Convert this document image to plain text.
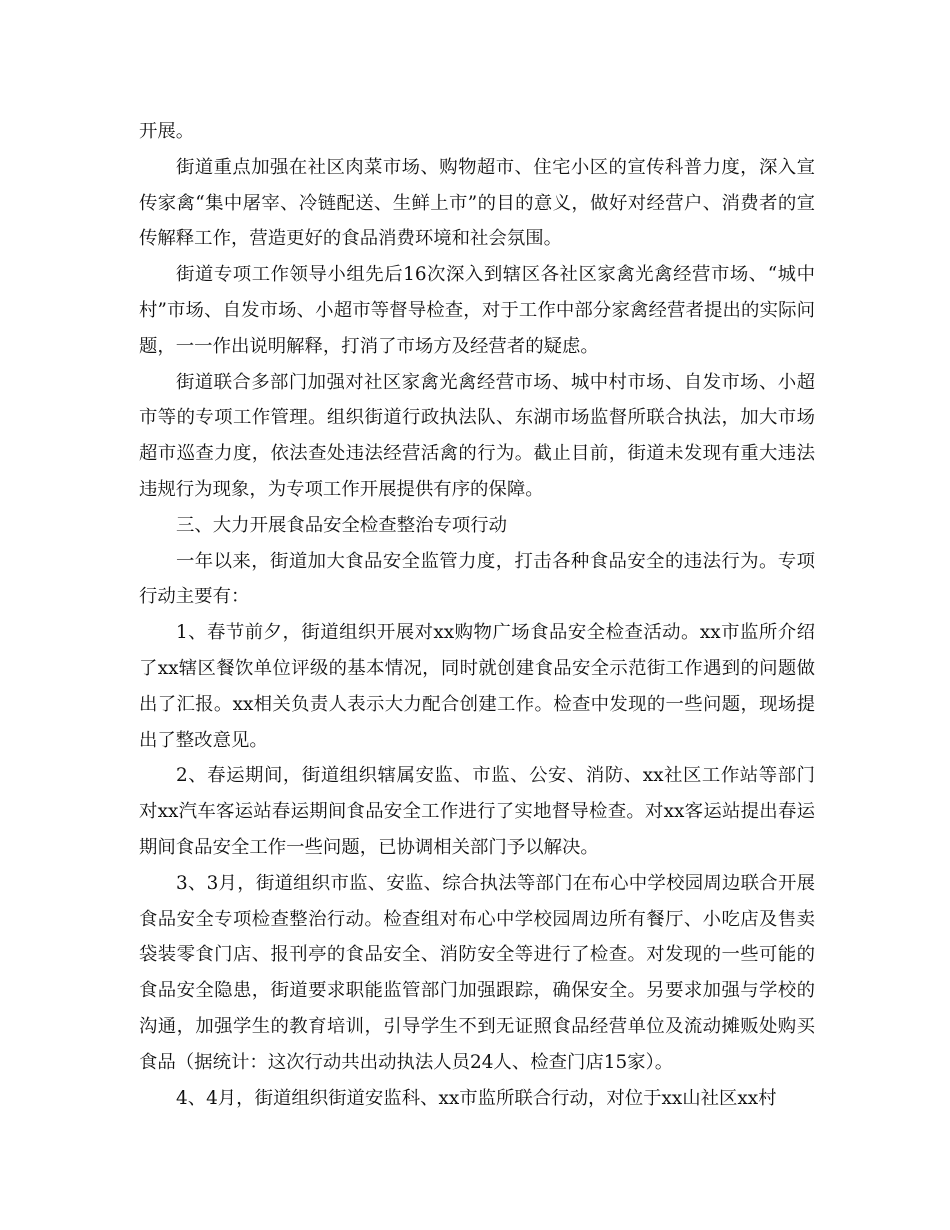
开展。

街道重点加强在社区肉菜市场、购物超市、住宅小区的宣传科普力度，深入宣传家禽“集中屠宰、冷链配送、生鲜上市”的目的意义，做好对经营户、消费者的宣传解释工作，营造更好的食品消费环境和社会氛围。

街道专项工作领导小组先后16次深入到辖区各社区家禽光禽经营市场、“城中村”市场、自发市场、小超市等督导检查，对于工作中部分家禽经营者提出的实际问题，一一作出说明解释，打消了市场方及经营者的疑虑。

街道联合多部门加强对社区家禽光禽经营市场、城中村市场、自发市场、小超市等的专项工作管理。组织街道行政执法队、东湖市场监督所联合执法，加大市场超市巡查力度，依法查处违法经营活禽的行为。截止目前，街道未发现有重大违法违规行为现象，为专项工作开展提供有序的保障。

三、大力开展食品安全检查整治专项行动

一年以来，街道加大食品安全监管力度，打击各种食品安全的违法行为。专项行动主要有：

1、春节前夕，街道组织开展对xx购物广场食品安全检查活动。xx市监所介绍了xx辖区餐饮单位评级的基本情况，同时就创建食品安全示范街工作遇到的问题做出了汇报。xx相关负责人表示大力配合创建工作。检查中发现的一些问题，现场提出了整改意见。

2、春运期间，街道组织辖属安监、市监、公安、消防、xx社区工作站等部门对xx汽车客运站春运期间食品安全工作进行了实地督导检查。对xx客运站提出春运期间食品安全工作一些问题，已协调相关部门予以解决。

3、3月，街道组织市监、安监、综合执法等部门在布心中学校园周边联合开展食品安全专项检查整治行动。检查组对布心中学校园周边所有餐厅、小吃店及售卖袋装零食门店、报刊亭的食品安全、消防安全等进行了检查。对发现的一些可能的食品安全隐患，街道要求职能监管部门加强跟踪，确保安全。另要求加强与学校的沟通，加强学生的教育培训，引导学生不到无证照食品经营单位及流动摊贩处购买食品（据统计：这次行动共出动执法人员24人、检查门店15家）。

4、4月，街道组织街道安监科、xx市监所联合行动，对位于xx山社区xx村
